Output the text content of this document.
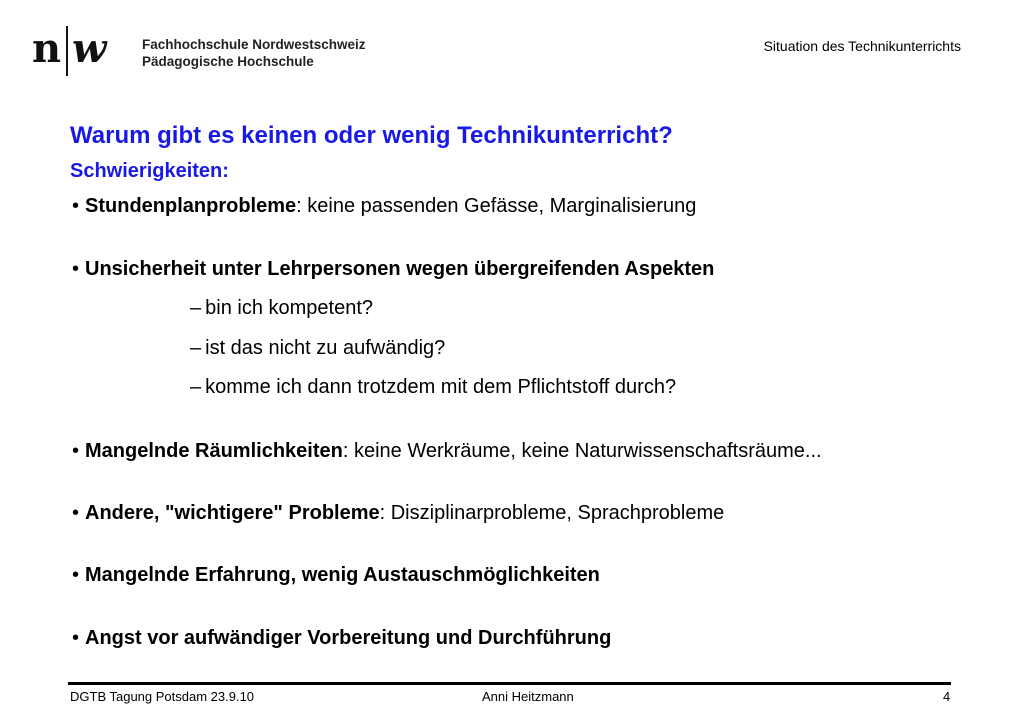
n w	Fachhochschule Nordwestschweiz
Pädagogische Hochschule
Situation des Technikunterrichts
Warum gibt es keinen oder wenig Technikunterricht?
Schwierigkeiten:
• Stundenplanprobleme: keine passenden Gefässe, Marginalisierung
• Unsicherheit unter Lehrpersonen wegen übergreifenden Aspekten
– bin ich kompetent?
– ist das nicht zu aufwändig?
– komme ich dann trotzdem mit dem Pflichtstoff durch?
• Mangelnde Räumlichkeiten: keine Werkräume, keine Naturwissenschaftsräume...
• Andere, "wichtigere" Probleme: Disziplinarprobleme, Sprachprobleme
• Mangelnde Erfahrung, wenig Austauschmöglichkeiten
• Angst vor aufwändiger Vorbereitung und Durchführung
DGTB Tagung Potsdam 23.9.10	Anni Heitzmann	4
